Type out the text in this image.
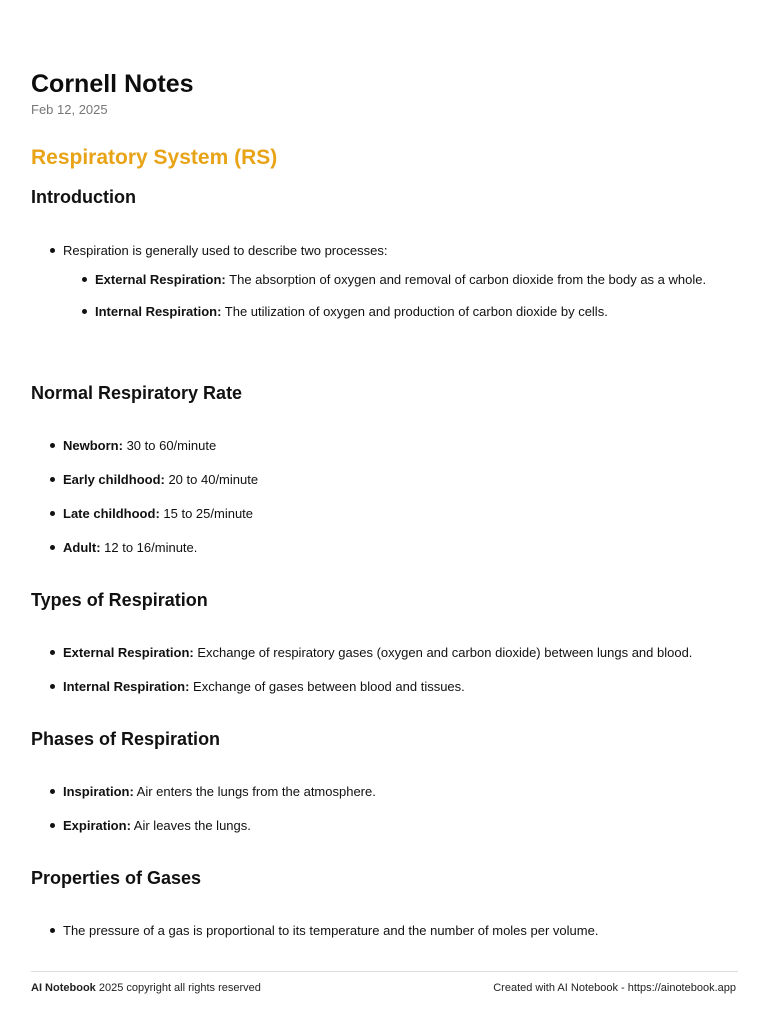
Cornell Notes
Feb 12, 2025
Respiratory System (RS)
Introduction
Respiration is generally used to describe two processes:
External Respiration: The absorption of oxygen and removal of carbon dioxide from the body as a whole.
Internal Respiration: The utilization of oxygen and production of carbon dioxide by cells.
Normal Respiratory Rate
Newborn: 30 to 60/minute
Early childhood: 20 to 40/minute
Late childhood: 15 to 25/minute
Adult: 12 to 16/minute.
Types of Respiration
External Respiration: Exchange of respiratory gases (oxygen and carbon dioxide) between lungs and blood.
Internal Respiration: Exchange of gases between blood and tissues.
Phases of Respiration
Inspiration: Air enters the lungs from the atmosphere.
Expiration: Air leaves the lungs.
Properties of Gases
The pressure of a gas is proportional to its temperature and the number of moles per volume.
AI Notebook 2025 copyright all rights reserved	Created with AI Notebook - https://ainotebook.app
